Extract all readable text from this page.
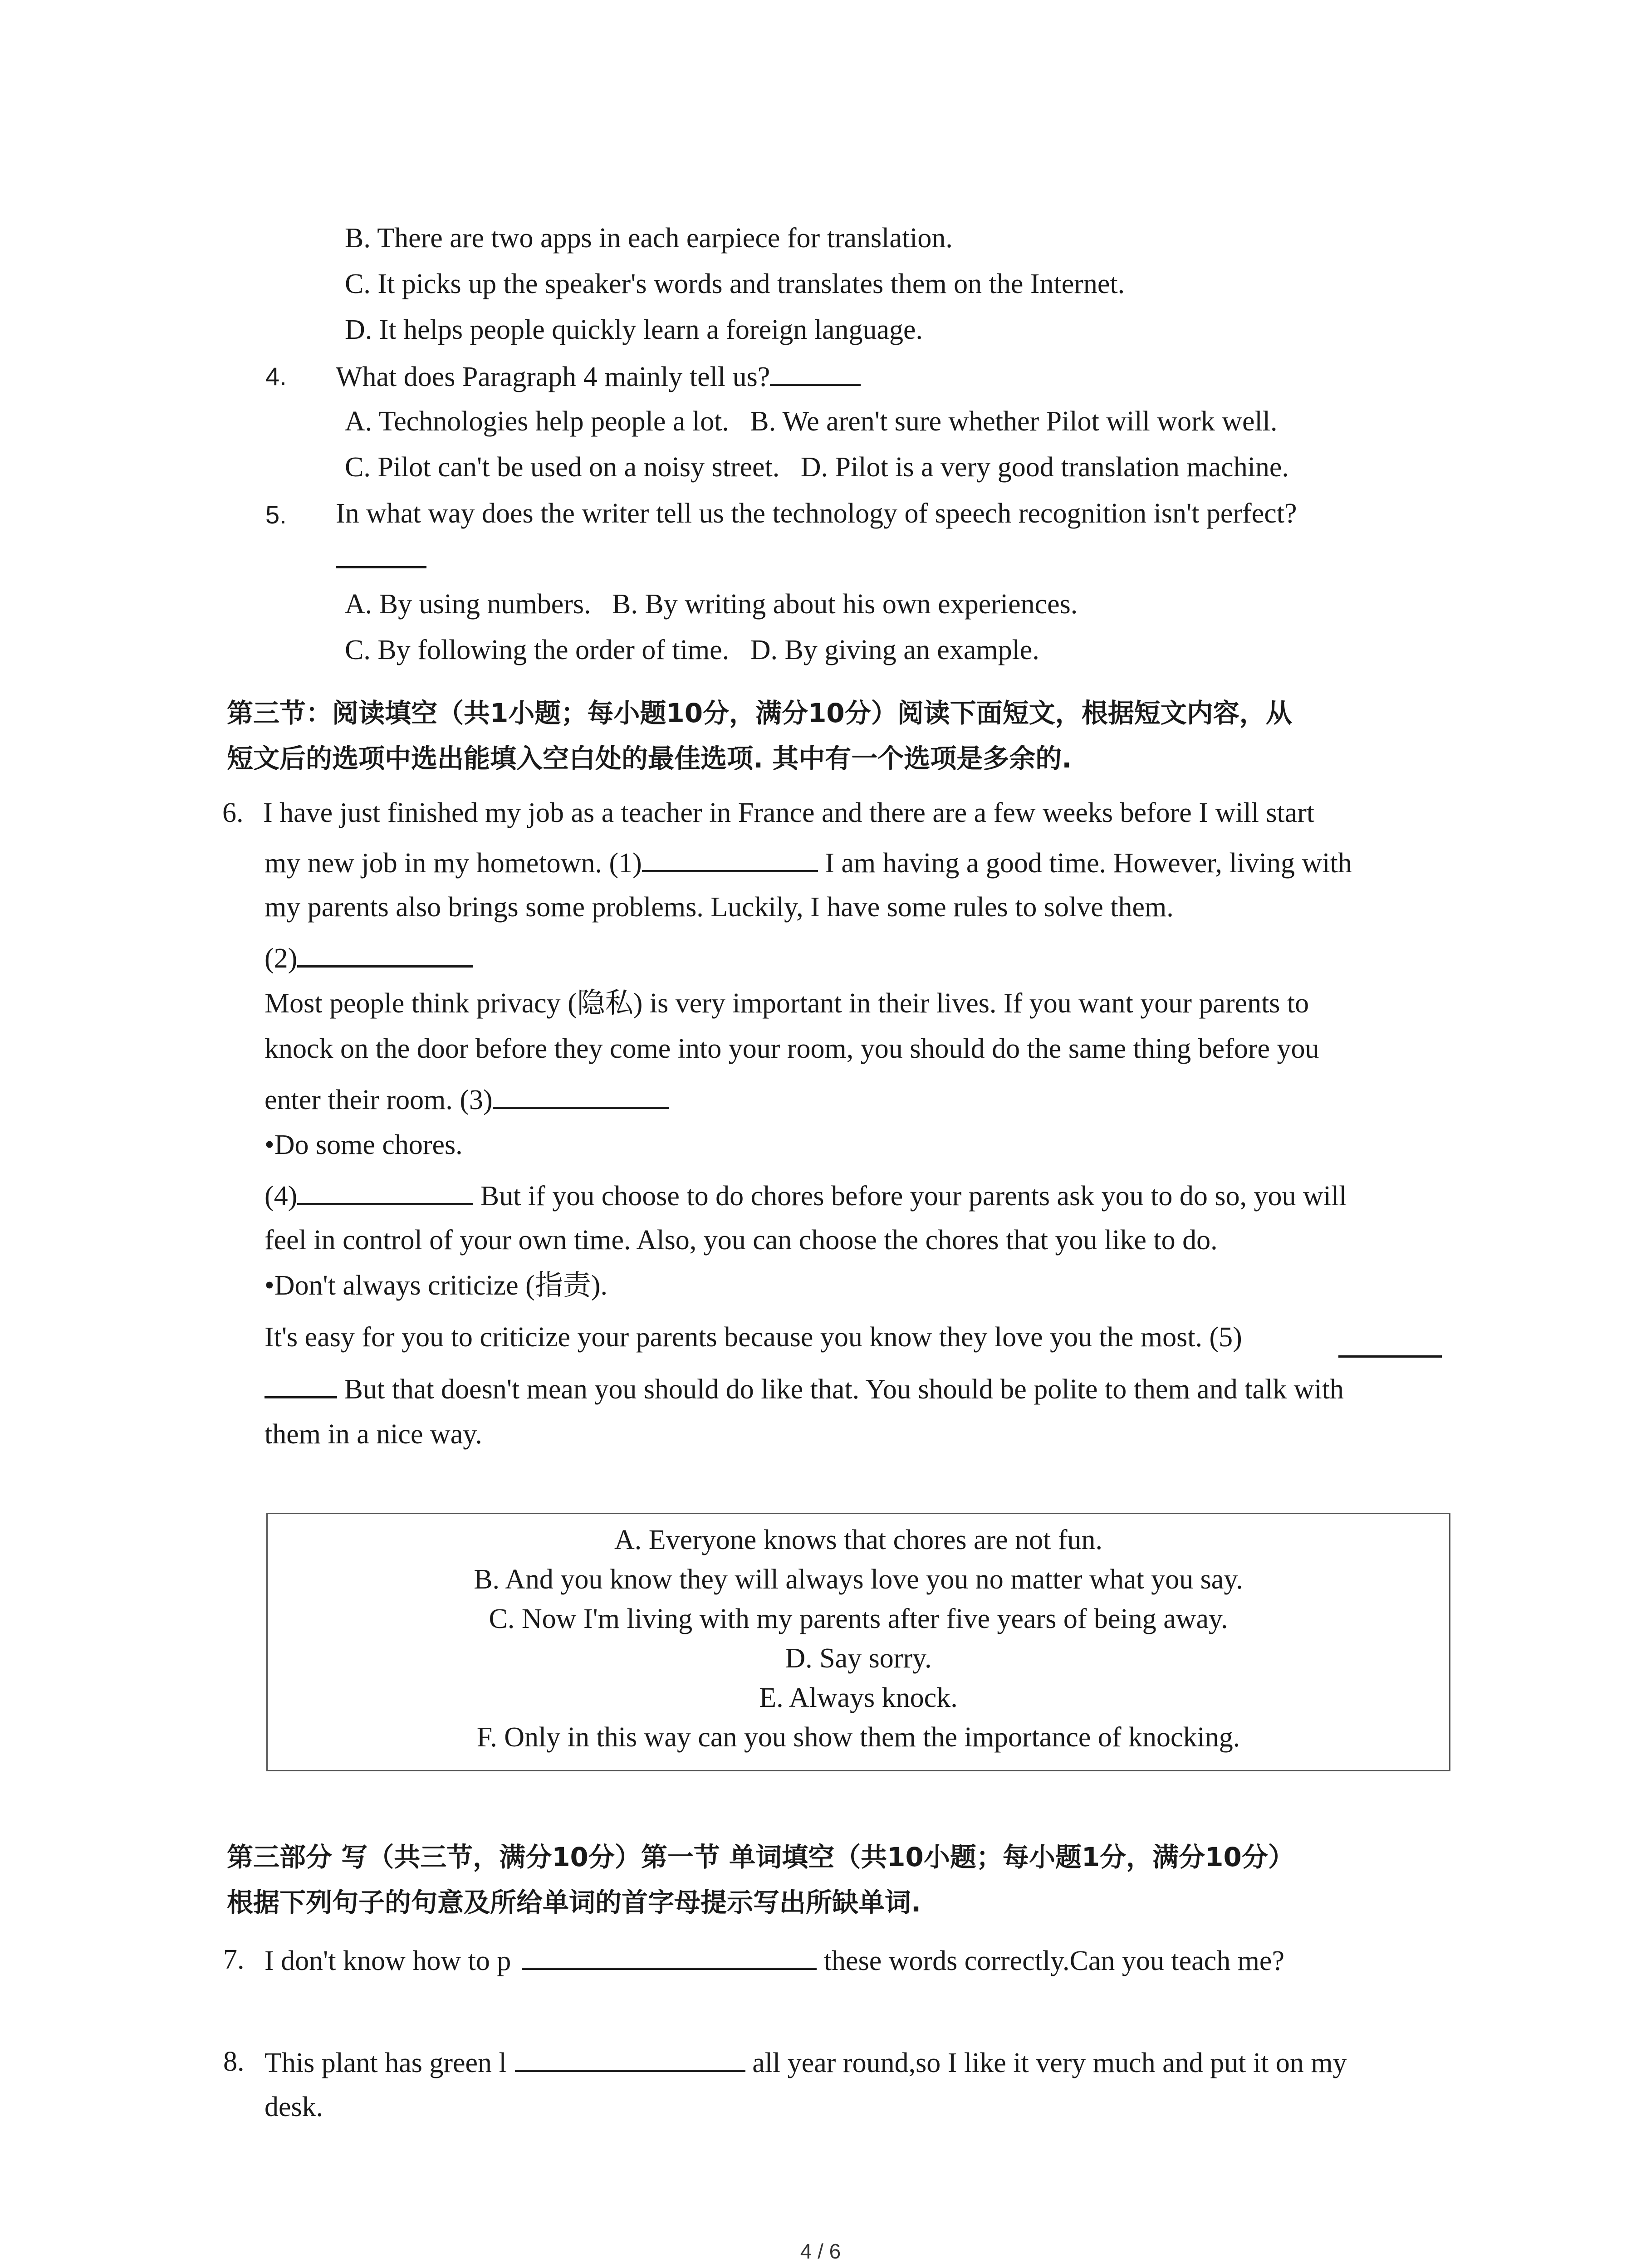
B. There are two apps in each earpiece for translation.
C. It picks up the speaker's words and translates them on the Internet.
D. It helps people quickly learn a foreign language.
4. What does Paragraph 4 mainly tell us?
A. Technologies help people a lot.   B. We aren't sure whether Pilot will work well.
C. Pilot can't be used on a noisy street.   D. Pilot is a very good translation machine.
5. In what way does the writer tell us the technology of speech recognition isn't perfect?
A. By using numbers.   B. By writing about his own experiences.
C. By following the order of time.   D. By giving an example.
第三节：阅读填空（共1小题；每小题10分，满分10分）阅读下面短文，根据短文内容，从
短文后的选项中选出能填入空白处的最佳选项. 其中有一个选项是多余的.
6. I have just finished my job as a teacher in France and there are a few weeks before I will start
my new job in my hometown. (1)	I am having a good time. However, living with
my parents also brings some problems. Luckily, I have some rules to solve them.
(2)
Most people think privacy (隐私) is very important in their lives. If you want your parents to
knock on the door before they come into your room, you should do the same thing before you
enter their room. (3)
•Do some chores.
(4)	But if you choose to do chores before your parents ask you to do so, you will
feel in control of your own time. Also, you can choose the chores that you like to do.
•Don't always criticize (指责).
It's easy for you to criticize your parents because you know they love you the most. (5)
But that doesn't mean you should do like that. You should be polite to them and talk with
them in a nice way.
A. Everyone knows that chores are not fun.
B. And you know they will always love you no matter what you say.
C. Now I'm living with my parents after five years of being away.
D. Say sorry.
E. Always knock.
F. Only in this way can you show them the importance of knocking.
第三部分 写（共三节，满分10分）第一节 单词填空（共10小题；每小题1分，满分10分）
根据下列句子的句意及所给单词的首字母提示写出所缺单词.
7. I don't know how to p	these words correctly.Can you teach me?
8. This plant has green l	all year round,so I like it very much and put it on my
desk.
4 / 6
